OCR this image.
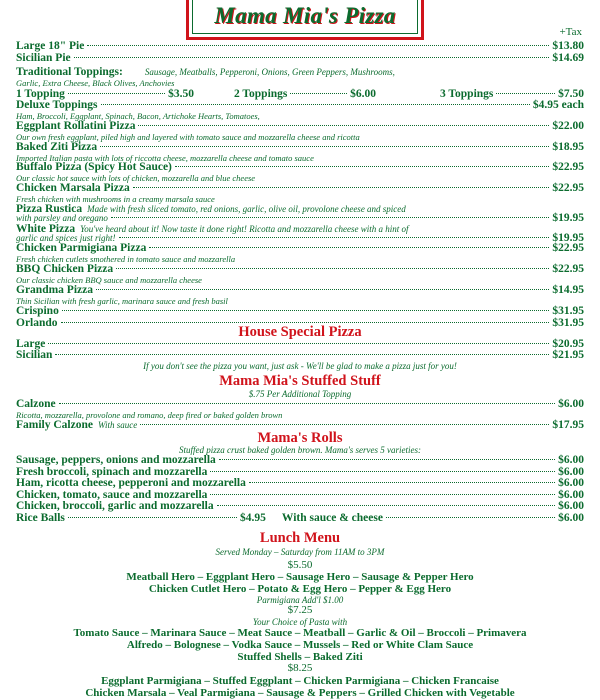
Mama Mia's Pizza
+Tax
Large 18" Pie	$13.80
Sicilian Pie	$14.69
Traditional Toppings: Sausage, Meatballs, Pepperoni, Onions, Green Peppers, Mushrooms,
Garlic, Extra Cheese, Black Olives, Anchovies
1 Topping	$3.50	2 Toppings	$6.00	3 Toppings	$7.50
Deluxe Toppings	$4.95 each
Ham, Broccoli, Eggplant, Spinach, Bacon, Artichoke Hearts, Tomatoes,
Eggplant Rollatini Pizza	$22.00
Our own fresh eggplant, piled high and layered with tomato sauce and mozzarella cheese and ricotta
Baked Ziti Pizza	$18.95
Imported Italian pasta with lots of riccotta cheese, mozzarella cheese and tomato sauce
Buffalo Pizza (Spicy Hot Sauce)	$22.95
Our classic hot sauce with lots of chicken, mozzarella and blue cheese
Chicken Marsala Pizza	$22.95
Fresh chicken with mushrooms in a creamy marsala sauce
Pizza Rustica Made with fresh sliced tomato, red onions, garlic, olive oil, provolone cheese and spiced
with parsley and oregano	$19.95
White Pizza You've heard about it! Now taste it done right! Ricotta and mozzarella cheese with a hint of
garlic and spices just right!	$19.95
Chicken Parmigiana Pizza	$22.95
Fresh chicken cutlets smothered in tomato sauce and mozzarella
BBQ Chicken Pizza	$22.95
Our classic chicken BBQ sauce and mozzarella cheese
Grandma Pizza	$14.95
Thin Sicilian with fresh garlic, marinara sauce and fresh basil
Crispino	$31.95
Orlando	$31.95
House Special Pizza
Large	$20.95
Sicilian	$21.95
If you don't see the pizza you want, just ask - We'll be glad to make a pizza just for you!
Mama Mia's Stuffed Stuff
$.75 Per Additional Topping
Calzone	$6.00
Ricotta, mozzarella, provolone and romano, deep fired or baked golden brown
Family Calzone With sauce	$17.95
Mama's Rolls
Stuffed pizza crust baked golden brown. Mama's serves 5 varieties:
Sausage, peppers, onions and mozzarella	$6.00
Fresh broccoli, spinach and mozzarella	$6.00
Ham, ricotta cheese, pepperoni and mozzarella	$6.00
Chicken, tomato, sauce and mozzarella	$6.00
Chicken, broccoli, garlic and mozzarella	$6.00
Rice Balls	$4.95 With sauce & cheese	$6.00
Lunch Menu
Served Monday – Saturday from 11AM to 3PM
$5.50
Meatball Hero – Eggplant Hero – Sausage Hero – Sausage & Pepper Hero
Chicken Cutlet Hero – Potato & Egg Hero – Pepper & Egg Hero
Parmigiana Add'l $1.00
$7.25
Your Choice of Pasta with
Tomato Sauce – Marinara Sauce – Meat Sauce – Meatball – Garlic & Oil – Broccoli – Primavera
Alfredo – Bolognese – Vodka Sauce – Mussels – Red or White Clam Sauce
Stuffed Shells – Baked Ziti
$8.25
Eggplant Parmigiana – Stuffed Eggplant – Chicken Parmigiana – Chicken Francaise
Chicken Marsala – Veal Parmigiana – Sausage & Peppers – Grilled Chicken with Vegetable
